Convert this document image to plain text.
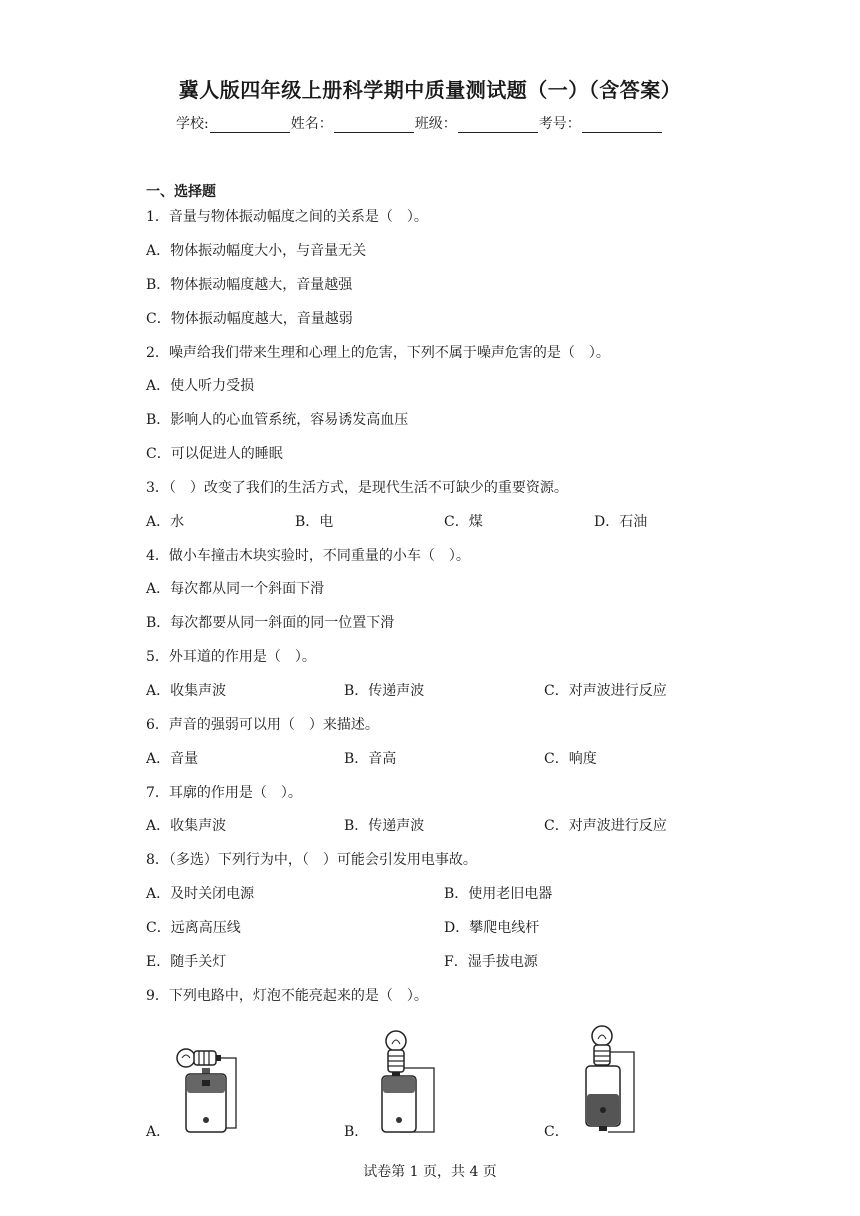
冀人版四年级上册科学期中质量测试题（一）（含答案）
学校:	姓名：	班级：	考号：
一、选择题
1．音量与物体振动幅度之间的关系是（　）。
A．物体振动幅度大小，与音量无关
B．物体振动幅度越大，音量越强
C．物体振动幅度越大，音量越弱
2．噪声给我们带来生理和心理上的危害，下列不属于噪声危害的是（　）。
A．使人听力受损
B．影响人的心血管系统，容易诱发高血压
C．可以促进人的睡眠
3．（　）改变了我们的生活方式，是现代生活不可缺少的重要资源。
A．水	B．电	C．煤	D．石油
4．做小车撞击木块实验时，不同重量的小车（　）。
A．每次都从同一个斜面下滑
B．每次都要从同一斜面的同一位置下滑
5．外耳道的作用是（　）。
A．收集声波	B．传递声波	C．对声波进行反应
6．声音的强弱可以用（　）来描述。
A．音量	B．音高	C．响度
7．耳廓的作用是（　）。
A．收集声波	B．传递声波	C．对声波进行反应
8．（多选）下列行为中，（　）可能会引发用电事故。
A．及时关闭电源	B．使用老旧电器
C．远离高压线	D．攀爬电线杆
E．随手关灯	F．湿手拔电源
9．下列电路中，灯泡不能亮起来的是（　）。
A．	B．	C．
试卷第 1 页，共 4 页
